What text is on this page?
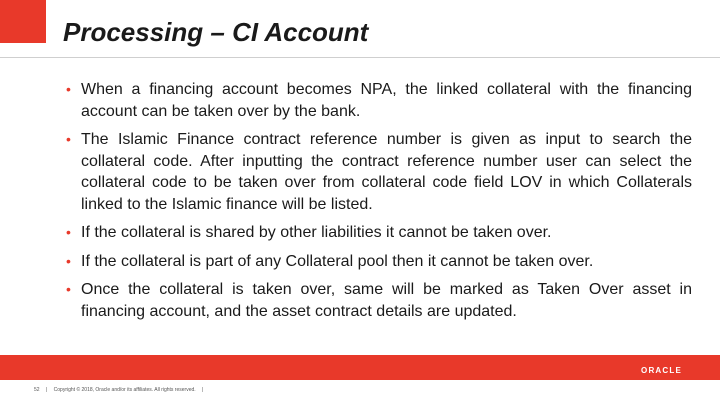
Processing – CI Account

• When a financing account becomes NPA, the linked collateral with the financing account can be taken over by the bank.

• The Islamic Finance contract reference number is given as input to search the collateral code. After inputting the contract reference number user can select the collateral code to be taken over from collateral code field LOV in which Collaterals linked to the Islamic finance will be listed.

• If the collateral is shared by other liabilities it cannot be taken over.

• If the collateral is part of any Collateral pool then it cannot be taken over.

• Once the collateral is taken over, same will be marked as Taken Over asset in financing account, and the asset contract details are updated.

ORACLE
52 | Copyright © 2018, Oracle and/or its affiliates. All rights reserved. |
